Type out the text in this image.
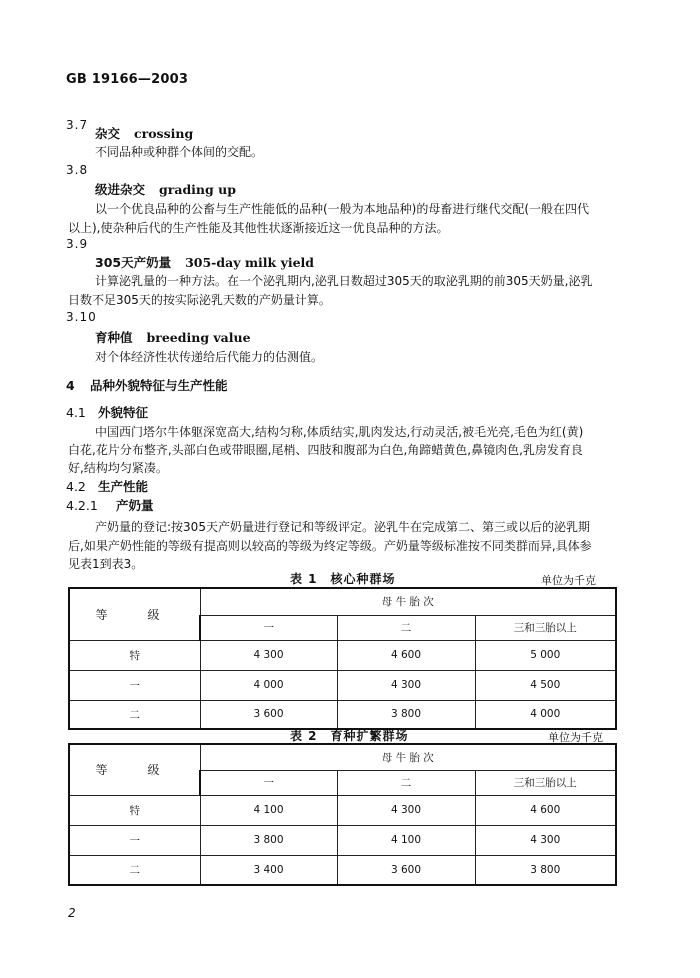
GB 19166—2003
3.7
杂交 crossing
不同品种或种群个体间的交配。
3.8
级进杂交 grading up
以一个优良品种的公畜与生产性能低的品种(一般为本地品种)的母畜进行继代交配(一般在四代
以上),使杂种后代的生产性能及其他性状逐渐接近这一优良品种的方法。
3.9
305天产奶量 305-day milk yield
计算泌乳量的一种方法。在一个泌乳期内,泌乳日数超过305天的取泌乳期的前305天奶量,泌乳
日数不足305天的按实际泌乳天数的产奶量计算。
3.10
育种值 breeding value
对个体经济性状传递给后代能力的估测值。
4 品种外貌特征与生产性能
4.1 外貌特征
中国西门塔尔牛体躯深宽高大,结构匀称,体质结实,肌肉发达,行动灵活,被毛光亮,毛色为红(黄)
白花,花片分布整齐,头部白色或带眼圈,尾梢、四肢和腹部为白色,角蹄蜡黄色,鼻镜肉色,乳房发育良
好,结构均匀紧凑。
4.2 生产性能
4.2.1 产奶量
产奶量的登记:按305天产奶量进行登记和等级评定。泌乳牛在完成第二、第三或以后的泌乳期
后,如果产奶性能的等级有提高则以较高的等级为终定等级。产奶量等级标准按不同类群而异,具体参
见表1到表3。
表 1　核心种群场	单位为千克
等　级	母 牛 胎 次		
	一	二	三和三胎以上
特	4 300	4 600	5 000
一	4 000	4 300	4 500
二	3 600	3 800	4 000
表 2　育种扩繁群场	单位为千克
等　级	母 牛 胎 次		
	一	二	三和三胎以上
特	4 100	4 300	4 600
一	3 800	4 100	4 300
二	3 400	3 600	3 800
2
